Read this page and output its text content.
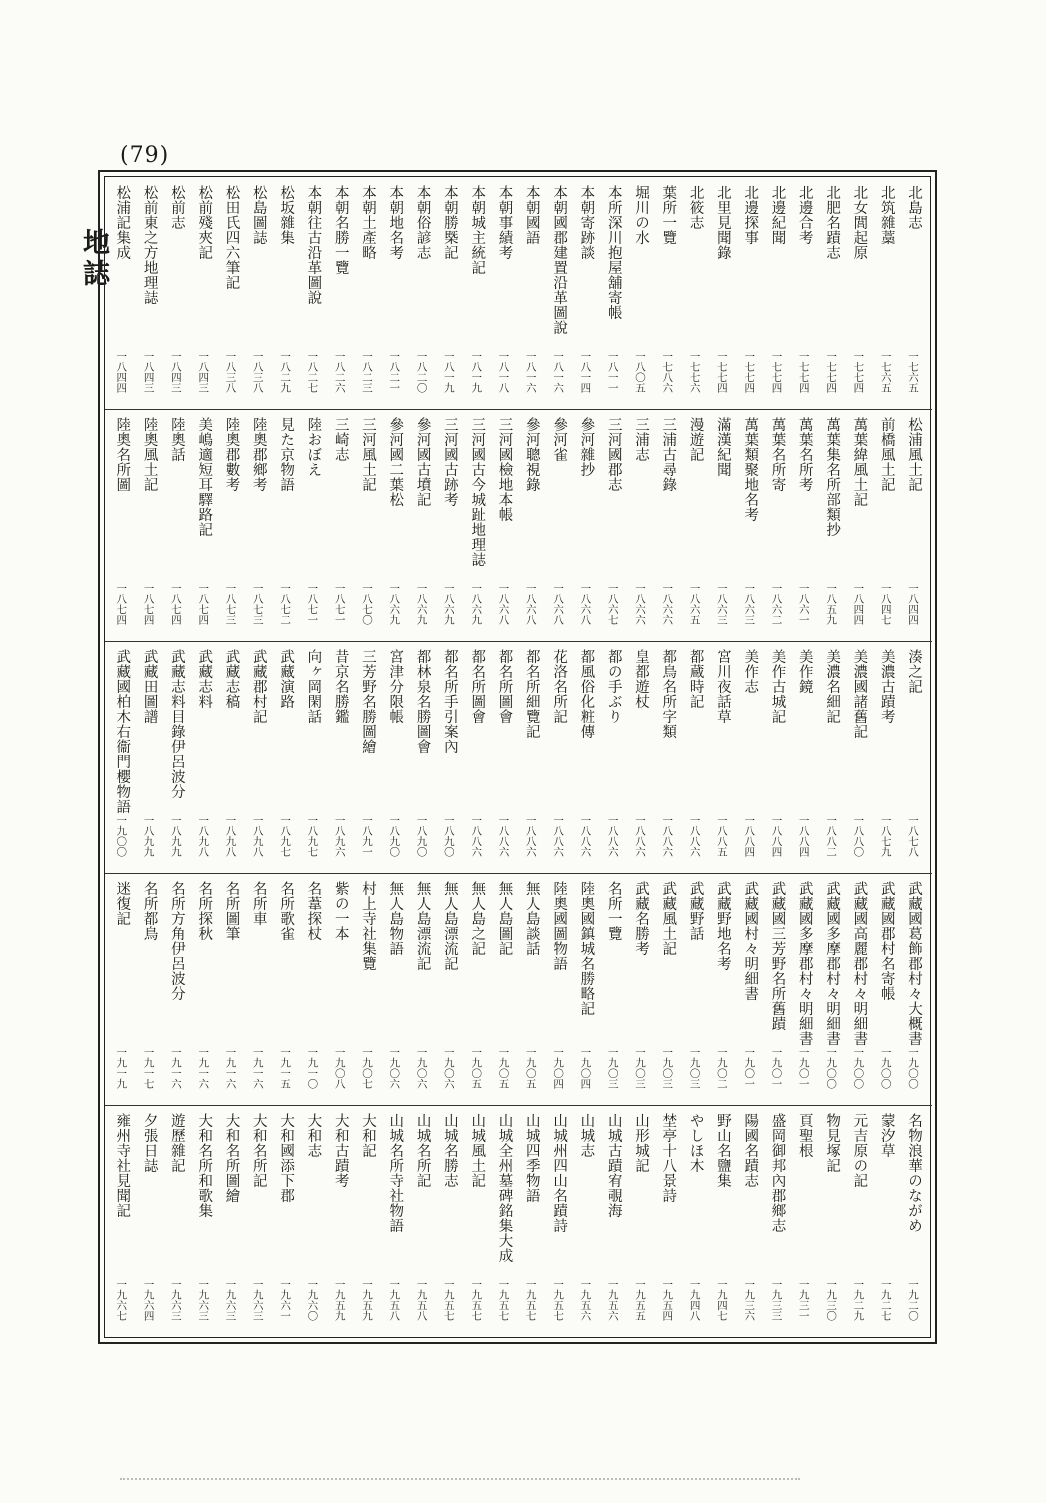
(79)
地誌
北島志
一七六五
北筑雜藁
一七六五
北女閭起原
一七七四
北肥名蹟志
一七七四
北邊合考
一七七四
北邊紀聞
一七七四
北邊探事
一七七四
北里見聞錄
一七七四
北筱志
一七七六
葉所一覽
一七八六
堀川の水
一八〇五
本所深川抱屋舖寄帳
一八一一
本朝寄跡談
一八一四
本朝國郡建置沿革圖說
一八一六
本朝國語
一八一六
本朝事績考
一八一八
本朝城主統記
一八一九
本朝勝槩記
一八一九
本朝俗諺志
一八二〇
本朝地名考
一八二一
本朝土產略
一八二三
本朝名勝一覽
一八二六
本朝往古沿革圖說
一八二七
松坂雜集
一八二九
松島圖誌
一八三八
松田氏四六筆記
一八三八
松前殘夾記
一八四三
松前志
一八四三
松前東之方地理誌
一八四三
松浦記集成
一八四四
松浦風土記
一八四四
前橋風土記
一八四七
萬葉緯風土記
一八四四
萬葉集名所部類抄
一八五九
萬葉名所考
一八六一
萬葉名所寄
一八六二
萬葉類聚地名考
一八六三
滿漢紀聞
一八六三
漫遊記
一八六五
三浦古尋錄
一八六六
三浦志
一八六六
三河國郡志
一八六七
參河雜抄
一八六八
參河雀
一八六八
參河聰視錄
一八六八
三河國檢地本帳
一八六八
三河國古今城趾地理誌
一八六九
三河國古跡考
一八六九
參河國古墳記
一八六九
參河國二葉松
一八六九
三河風土記
一八七〇
三崎志
一八七一
陸おぼえ
一八七一
見た京物語
一八七二
陸奧郡鄉考
一八七三
陸奧郡數考
一八七三
美嶋適短耳驛路記
一八七四
陸奧話
一八七四
陸奧風土記
一八七四
陸奧名所圖
一八七四
湊之記
一八七八
美濃古蹟考
一八七九
美濃國諸舊記
一八八〇
美濃名細記
一八八二
美作鏡
一八八四
美作古城記
一八八四
美作志
一八八四
宮川夜話草
一八八五
都蔵時記
一八八六
都鳥名所字類
一八八六
皇都遊杖
一八八六
都の手ぶり
一八八六
都風俗化粧傳
一八八六
花洛名所記
一八八六
都名所細覽記
一八八六
都名所圖會
一八八六
都名所圖會
一八八六
都名所手引案內
一八九〇
都林泉名勝圖會
一八九〇
宮津分限帳
一八九〇
三芳野名勝圖繪
一八九一
昔京名勝鑑
一八九六
向ヶ岡閑話
一八九七
武藏演路
一八九七
武藏郡村記
一八九八
武藏志稿
一八九八
武藏志料
一八九八
武藏志料目錄伊呂波分
一八九九
武藏田圖譜
一八九九
武藏國柏木右衞門櫻物語
一九〇〇
武藏國葛飾郡村々大概書
一九〇〇
武藏國郡村名寄帳
一九〇〇
武藏國高麗郡村々明細書
一九〇〇
武藏國多摩郡村々明細書
一九〇〇
武藏國多摩郡村々明細書
一九〇一
武藏國三芳野名所舊蹟
一九〇一
武藏國村々明細書
一九〇一
武藏野地名考
一九〇二
武藏野話
一九〇三
武藏風土記
一九〇三
武藏名勝考
一九〇三
名所一覽
一九〇三
陸奧國鎮城名勝略記
一九〇四
陸奧國圖物語
一九〇四
無人島談話
一九〇五
無人島圖記
一九〇五
無人島之記
一九〇五
無人島漂流記
一九〇六
無人島漂流記
一九〇六
無人島物語
一九〇六
村上寺社集覽
一九〇七
紫の一本
一九〇八
名葦探杖
一九一〇
名所歌雀
一九一五
名所車
一九一六
名所圖筆
一九一六
名所探秋
一九一六
名所方角伊呂波分
一九一六
名所都鳥
一九一七
迷復記
一九一九
名物浪華のながめ
一九二〇
蒙汐草
一九二七
元吉原の記
一九二九
物見塚記
一九三〇
頁聖根
一九三一
盛岡御邦內郡鄉志
一九三三
陽國名蹟志
一九三六
野山名鹽集
一九四七
やしほ木
一九四八
埜亭十八景詩
一九五四
山形城記
一九五五
山城古蹟宥覗海
一九五六
山城志
一九五六
山城州四山名蹟詩
一九五七
山城四季物語
一九五七
山城全州墓碑銘集大成
一九五七
山城風土記
一九五七
山城名勝志
一九五七
山城名所記
一九五八
山城名所寺社物語
一九五八
大和記
一九五九
大和古蹟考
一九五九
大和志
一九六〇
大和國添下郡
一九六一
大和名所記
一九六三
大和名所圖繪
一九六三
大和名所和歌集
一九六三
遊歷雜記
一九六三
夕張日誌
一九六四
雍州寺社見聞記
一九六七
